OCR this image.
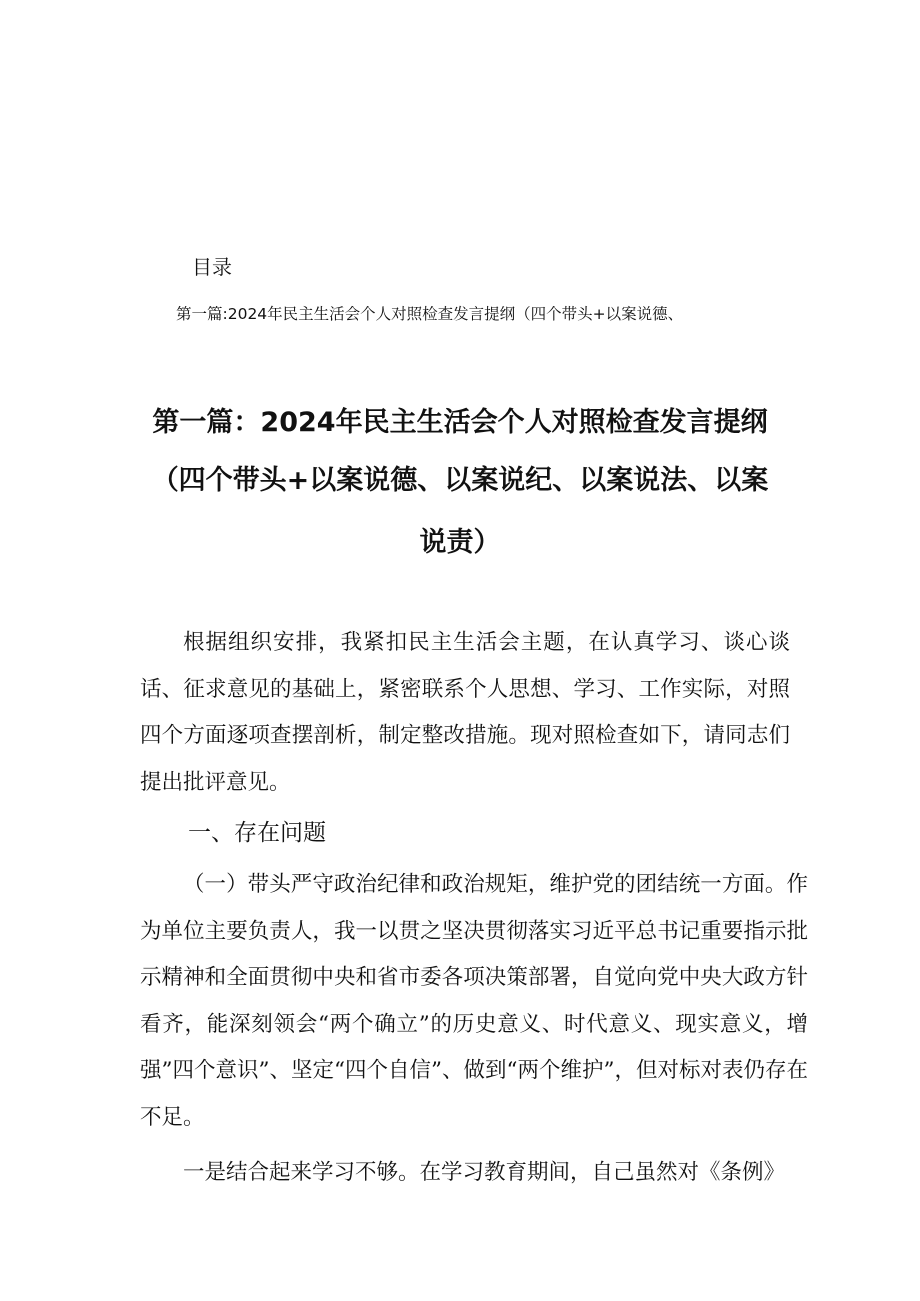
目录
第一篇:2024年民主生活会个人对照检查发言提纲（四个带头+以案说德、
第一篇：2024年民主生活会个人对照检查发言提纲
（四个带头+以案说德、以案说纪、以案说法、以案
说责）

根据组织安排，我紧扣民主生活会主题，在认真学习、谈心谈话、征求意见的基础上，紧密联系个人思想、学习、工作实际，对照四个方面逐项查摆剖析，制定整改措施。现对照检查如下，请同志们提出批评意见。

一、存在问题

（一）带头严守政治纪律和政治规矩，维护党的团结统一方面。作为单位主要负责人，我一以贯之坚决贯彻落实习近平总书记重要指示批示精神和全面贯彻中央和省市委各项决策部署，自觉向党中央大政方针看齐，能深刻领会“两个确立”的历史意义、时代意义、现实意义，增强”四个意识”、坚定“四个自信”、做到“两个维护”，但对标对表仍存在不足。

一是结合起来学习不够。在学习教育期间，自己虽然对《条例》
